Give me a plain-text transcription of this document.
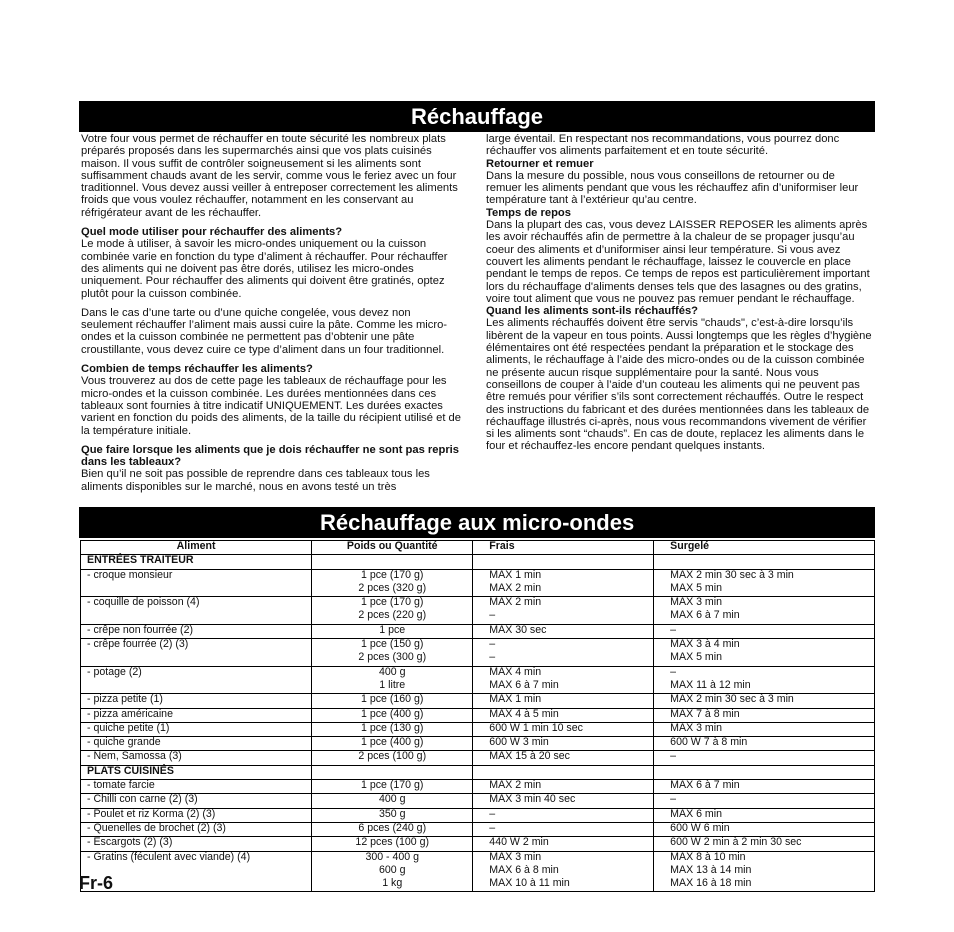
Réchauffage

Votre four vous permet de réchauffer en toute sécurité les nombreux plats préparés proposés dans les supermarchés ainsi que vos plats cuisinés maison. Il vous suffit de contrôler soigneusement si les aliments sont suffisamment chauds avant de les servir, comme vous le feriez avec un four traditionnel. Vous devez aussi veiller à entreposer correctement les aliments froids que vous voulez réchauffer, notamment en les conservant au réfrigérateur avant de les réchauffer.

Quel mode utiliser pour réchauffer des aliments?

Le mode à utiliser, à savoir les micro-ondes uniquement ou la cuisson combinée varie en fonction du type d’aliment à réchauffer. Pour réchauffer des aliments qui ne doivent pas être dorés, utilisez les micro-ondes uniquement. Pour réchauffer des aliments qui doivent être gratinés, optez plutôt pour la cuisson combinée.

Dans le cas d’une tarte ou d’une quiche congelée, vous devez non seulement réchauffer l’aliment mais aussi cuire la pâte. Comme les micro-ondes et la cuisson combinée ne permettent pas d’obtenir une pâte croustillante, vous devez cuire ce type d’aliment dans un four traditionnel.

Combien de temps réchauffer les aliments?

Vous trouverez au dos de cette page les tableaux de réchauffage pour les micro-ondes et la cuisson combinée. Les durées mentionnées dans ces tableaux sont fournies à titre indicatif UNIQUEMENT. Les durées exactes varient en fonction du poids des aliments, de la taille du récipient utilisé et de la température initiale.

Que faire lorsque les aliments que je dois réchauffer ne sont pas repris dans les tableaux?

Bien qu’il ne soit pas possible de reprendre dans ces tableaux tous les aliments disponibles sur le marché, nous en avons testé un très

large éventail. En respectant nos recommandations, vous pourrez donc réchauffer vos aliments parfaitement et en toute sécurité.

Retourner et remuer

Dans la mesure du possible, nous vous conseillons de retourner ou de remuer les aliments pendant que vous les réchauffez afin d’uniformiser leur température tant à l’extérieur qu’au centre.

Temps de repos

Dans la plupart des cas, vous devez LAISSER REPOSER les aliments après les avoir réchauffés afin de permettre à la chaleur de se propager jusqu’au coeur des aliments et d’uniformiser ainsi leur température. Si vous avez couvert les aliments pendant le réchauffage, laissez le couvercle en place pendant le temps de repos. Ce temps de repos est particulièrement important lors du réchauffage d'aliments denses tels que des lasagnes ou des gratins, voire tout aliment que vous ne pouvez pas remuer pendant le réchauffage.

Quand les aliments sont-ils réchauffés?

Les aliments réchauffés doivent être servis "chauds", c’est-à-dire lorsqu’ils libèrent de la vapeur en tous points. Aussi longtemps que les règles d’hygiène élémentaires ont été respectées pendant la préparation et le stockage des aliments, le réchauffage à l’aide des micro-ondes ou de la cuisson combinée ne présente aucun risque supplémentaire pour la santé. Nous vous conseillons de couper à l’aide d’un couteau les aliments qui ne peuvent pas être remués pour vérifier s’ils sont correctement réchauffés. Outre le respect des instructions du fabricant et des durées mentionnées dans les tableaux de réchauffage illustrés ci-après, nous vous recommandons vivement de vérifier si les aliments sont “chauds”. En cas de doute, replacez les aliments dans le four et réchauffez-les encore pendant quelques instants.

Réchauffage aux micro-ondes
Aliment	Poids ou Quantité	Frais	Surgelé
ENTRÉES TRAITEUR			
- croque monsieur	1 pce (170 g)	MAX 1 min	MAX 2 min 30 sec à 3 min
	2 pces (320 g)	MAX 2 min	MAX 5 min
- coquille de poisson (4)	1 pce (170 g)	MAX 2 min	MAX 3 min
	2 pces (220 g)	–	MAX 6 à 7 min
- crêpe non fourrée (2)	1 pce	MAX 30 sec	–
- crêpe fourrée (2) (3)	1 pce (150 g)	–	MAX 3 à 4 min
	2 pces (300 g)	–	MAX 5 min
- potage (2)	400 g	MAX 4 min	–
	1 litre	MAX 6 à 7 min	MAX 11 à 12 min
- pizza petite (1)	1 pce (160 g)	MAX 1 min	MAX 2 min 30 sec à 3 min
- pizza américaine	1 pce (400 g)	MAX 4 à 5 min	MAX 7 à 8 min
- quiche petite (1)	1 pce (130 g)	600 W 1 min 10 sec	MAX 3 min
- quiche grande	1 pce (400 g)	600 W 3 min	600 W 7 à 8 min
- Nem, Samossa (3)	2 pces (100 g)	MAX 15 à 20 sec	–
PLATS CUISINÉS			
- tomate farcie	1 pce (170 g)	MAX 2 min	MAX 6 à 7 min
- Chilli con carne (2) (3)	400 g	MAX 3 min 40 sec	–
- Poulet et riz Korma (2) (3)	350 g	–	MAX 6 min
- Quenelles de brochet (2) (3)	6 pces (240 g)	–	600 W 6 min
- Escargots (2) (3)	12 pces (100 g)	440 W 2 min	600 W 2 min à 2 min 30 sec
- Gratins (féculent avec viande) (4)	300 - 400 g	MAX 3 min	MAX 8 à 10 min
	600 g	MAX 6 à 8 min	MAX 13 à 14 min
	1 kg	MAX 10 à 11 min	MAX 16 à 18 min
Fr-6
